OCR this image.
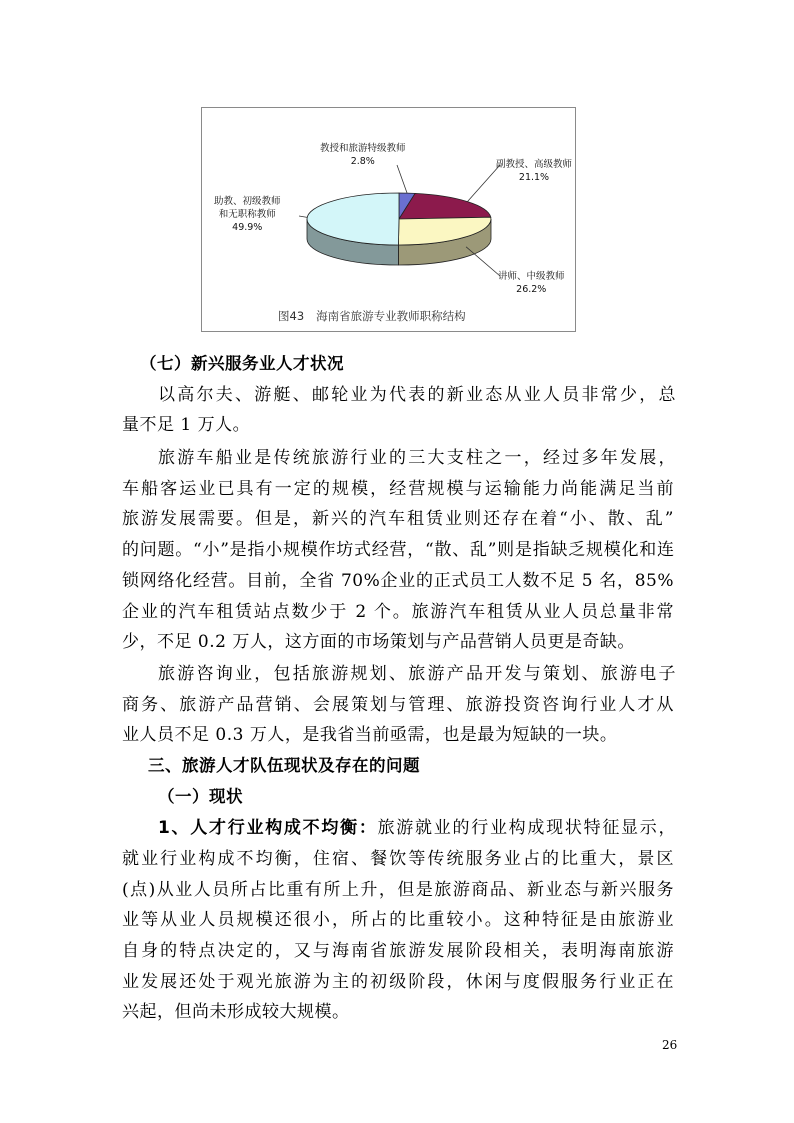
教授和旅游特级教师
2.8%	副教授、高级教师
21.1%
讲师、中级教师
26.2%
助教、初级教师
和无职称教师
49.9%
图43 海南省旅游专业教师职称结构
（七）新兴服务业人才状况
以高尔夫、游艇、邮轮业为代表的新业态从业人员非常少，总
量不足 1 万人。
旅游车船业是传统旅游行业的三大支柱之一，经过多年发展，
车船客运业已具有一定的规模，经营规模与运输能力尚能满足当前
旅游发展需要。但是，新兴的汽车租赁业则还存在着“小、散、乱”
的问题。“小”是指小规模作坊式经营，“散、乱”则是指缺乏规模化和连
锁网络化经营。目前，全省 70%企业的正式员工人数不足 5 名，85%
企业的汽车租赁站点数少于 2 个。旅游汽车租赁从业人员总量非常
少，不足 0.2 万人，这方面的市场策划与产品营销人员更是奇缺。
旅游咨询业，包括旅游规划、旅游产品开发与策划、旅游电子
商务、旅游产品营销、会展策划与管理、旅游投资咨询行业人才从
业人员不足 0.3 万人，是我省当前亟需，也是最为短缺的一块。
三、旅游人才队伍现状及存在的问题
（一）现状
1、人才行业构成不均衡：旅游就业的行业构成现状特征显示，
就业行业构成不均衡，住宿、餐饮等传统服务业占的比重大，景区
(点)从业人员所占比重有所上升，但是旅游商品、新业态与新兴服务
业等从业人员规模还很小，所占的比重较小。这种特征是由旅游业
自身的特点决定的，又与海南省旅游发展阶段相关，表明海南旅游
业发展还处于观光旅游为主的初级阶段，休闲与度假服务行业正在
兴起，但尚未形成较大规模。
26
